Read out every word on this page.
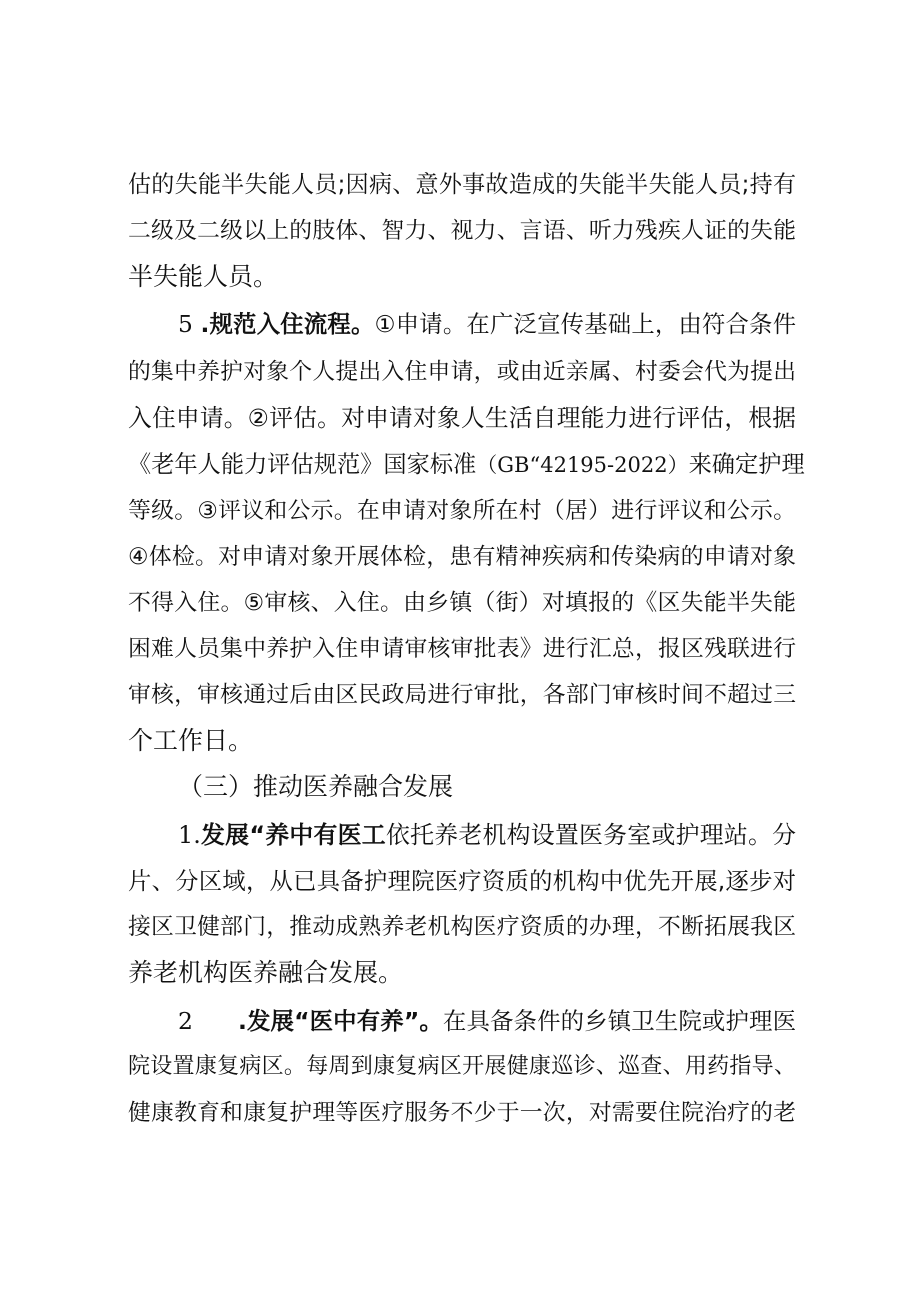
估的失能半失能人员;因病、意外事故造成的失能半失能人员;持有
二级及二级以上的肢体、智力、视力、言语、听力残疾人证的失能
半失能人员。
5 .规范入住流程。①申请。在广泛宣传基础上，由符合条件
的集中养护对象个人提出入住申请，或由近亲属、村委会代为提出
入住申请。②评估。对申请对象人生活自理能力进行评估，根据
《老年人能力评估规范》国家标准（GB“42195-2022）来确定护理
等级。③评议和公示。在申请对象所在村（居）进行评议和公示。
④体检。对申请对象开展体检，患有精神疾病和传染病的申请对象
不得入住。⑤审核、入住。由乡镇（街）对填报的《区失能半失能
困难人员集中养护入住申请审核审批表》进行汇总，报区残联进行
审核，审核通过后由区民政局进行审批，各部门审核时间不超过三
个工作日。
（三）推动医养融合发展
1.发展“养中有医工依托养老机构设置医务室或护理站。分
片、分区域，从已具备护理院医疗资质的机构中优先开展,逐步对
接区卫健部门，推动成熟养老机构医疗资质的办理，不断拓展我区
养老机构医养融合发展。
2 .发展“医中有养”。在具备条件的乡镇卫生院或护理医
院设置康复病区。每周到康复病区开展健康巡诊、巡查、用药指导、
健康教育和康复护理等医疗服务不少于一次，对需要住院治疗的老
